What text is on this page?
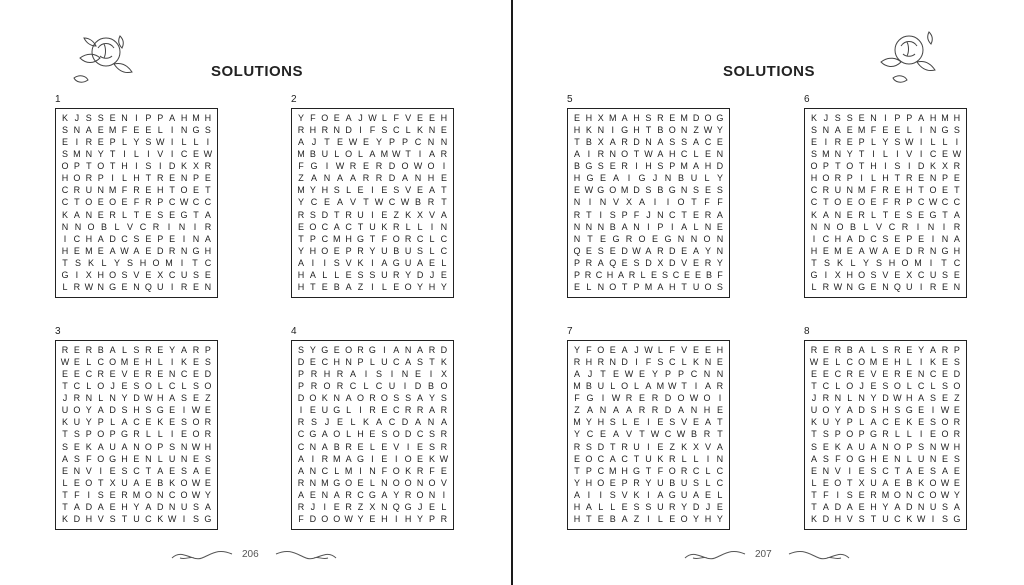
SOLUTIONS
1
K J S S E N I P P A H M H
S N A E M F E E L I N G S
E I R E P L Y S W I L L I
S M N Y T I L I V I C E W
O P T O T H I S I D K X R
H O R P I L H T R E N P E
C R U N M F R E H T O E T
C T O E O E F R P C W C C
K A N E R L T E S E G T A
N N O B L V C R I N I R
I C H A D C S E P E I N A
H E M E A W A E D R N G H
T S K L Y S H O M I	T C
G I X H O S V E X C U S E
L R W N G E N Q U I R E N
2
Y F O E A J W L F V E E H
R H R N D I F S C L K N E
A J T E W E Y P P C N N
M B U L O L A M W T I A R
F G I W R E R D O W O I
Z A N A A R R D A N H E
M Y H S L E I E S V E A T
Y C E A V T W C W B R T
R S D T R U I E Z K X V A
E O C A C T U K R L L I N
T P C M H G T F O R C L C
Y H O E P R Y U B U S L C
A I	I S V K I A G U A E L
H A L L E S S U R Y D J E
H T E B A Z I L E O Y H Y
3
R E R B A L S R E Y A R P
W E L C O M E H L I K E S
E E C R E V E R E N C E D
T C L O J E S O L C L S O
J R N L N Y D W H A S E Z
U O Y A D S H S G E I W E
K U Y P L A C E K E S O R
T S P O P G R L L I E O R
S E K A U A N O P S N W H
A S F O G H E N L U N E S
E N V I E S C T A E S A E
L E O T X U A E B K O W E
T F I S E R M O N C O W Y
T A D A E H Y A D N U S A
K D H V S T U C K W I S G
4
S Y G E O R G I A N A R D
D E C H N P L U C A S T K
P R H R A I S I N E I X
P R O R C L C U I D B O
D O K N A O R O S S A Y S
I E U G L I R E C R R A R
R S J E L K A C D A N A
C G A O L H E S O D C S R
C N A B R E L E V I E S R
A I R M A G I E I O E K W
A N C L M I N F O K R F E
R N M G O E L N O O N O V
A E N A R C G A Y R O N I
R J I E R Z X N Q G J E L
F D O O W Y E H I H Y P R
206
SOLUTIONS
5
E H X M A H S R E M D O G
H K N I G H T B O N Z W Y
T B X A R D N A S S A C E
A I R N O T W A H C L E N
B G S E R I H S P M A H D
H G E A I G J N B U L Y
E W G O M D S B G N S E S
N I N V X A I	I O T F F
R T I S P F J N C T E R A
N N N B A N I P I A L N E
N T E G R O E G N N O N
Q E S E D W A R D E A Y N
P R A Q E S D X D V E R Y
P R C H A R L E S C E E B F
E L N O T P M A H T U O S
6
K J S S E N I P P A H M H
S N A E M F E E L I N G S
E I R E P L Y S W I L L I
S M N Y T I L I V I C E W
O P T O T H I S I D K X R
H O R P I L H T R E N P E
C R U N M F R E H T O E T
C T O E O E F R P C W C C
K A N E R L T E S E G T A
N N O B L V C R I N I R
I C H A D C S E P E I N A
H E M E A W A E D R N G H
T S K L Y S H O M I	T C
G I X H O S V E X C U S E
L R W N G E N Q U I R E N
7
Y F O E A J W L F V E E H
R H R N D I F S C L K N E
A J T E W E Y P P C N N
M B U L O L A M W T I A R
F G I W R E R D O W O I
Z A N A A R R D A N H E
M Y H S L E I E S V E A T
Y C E A V T W C W B R T
R S D T R U I E Z K X V A
E O C A C T U K R L L I N
T P C M H G T F O R C L C
Y H O E P R Y U B U S L C
A I	I S V K I A G U A E L
H A L L E S S U R Y D J E
H T E B A Z I L E O Y H Y
8
R E R B A L S R E Y A R P
W E L C O M E H L I K E S
E E C R E V E R E N C E D
T C L O J E S O L C L S O
J R N L N Y D W H A S E Z
U O Y A D S H S G E I W E
K U Y P L A C E K E S O R
T S P O P G R L L I E O R
S E K A U A N O P S N W H
A S F O G H E N L U N E S
E N V I E S C T A E S A E
L E O T X U A E B K O W E
T F I S E R M O N C O W Y
T A D A E H Y A D N U S A
K D H V S T U C K W I S G
207
